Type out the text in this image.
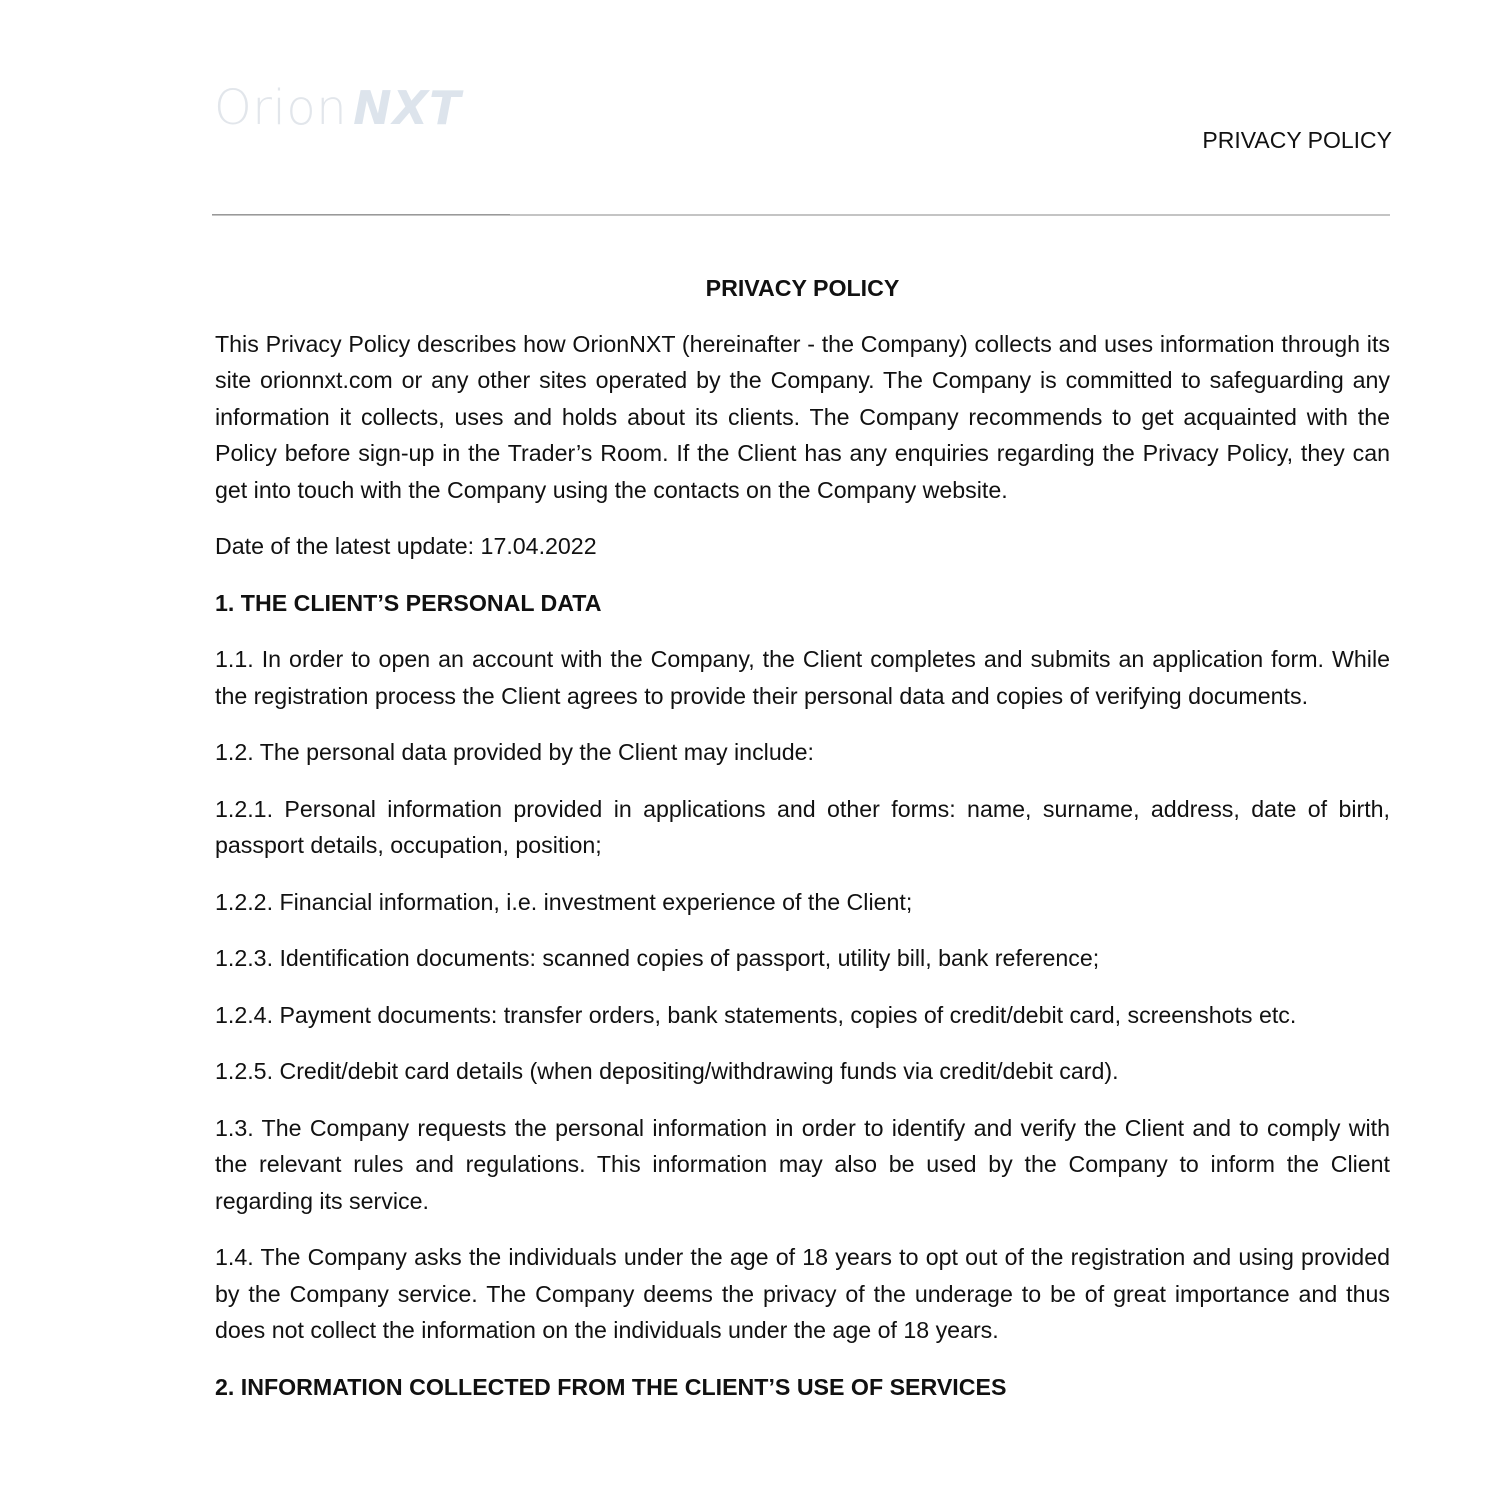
Orion NXT
PRIVACY POLICY

PRIVACY POLICY

This Privacy Policy describes how OrionNXT (hereinafter - the Company) collects and uses information through its site orionnxt.com or any other sites operated by the Company. The Company is committed to safeguarding any information it collects, uses and holds about its clients. The Company recommends to get acquainted with the Policy before sign-up in the Trader’s Room. If the Client has any enquiries regarding the Privacy Policy, they can get into touch with the Company using the contacts on the Company website.

Date of the latest update: 17.04.2022

1. THE CLIENT’S PERSONAL DATA

1.1. In order to open an account with the Company, the Client completes and submits an application form. While the registration process the Client agrees to provide their personal data and copies of verifying documents.

1.2. The personal data provided by the Client may include:

1.2.1. Personal information provided in applications and other forms: name, surname, address, date of birth, passport details, occupation, position;

1.2.2. Financial information, i.e. investment experience of the Client;

1.2.3. Identification documents: scanned copies of passport, utility bill, bank reference;

1.2.4. Payment documents: transfer orders, bank statements, copies of credit/debit card, screenshots etc.

1.2.5. Credit/debit card details (when depositing/withdrawing funds via credit/debit card).

1.3. The Company requests the personal information in order to identify and verify the Client and to comply with the relevant rules and regulations. This information may also be used by the Company to inform the Client regarding its service.

1.4. The Company asks the individuals under the age of 18 years to opt out of the registration and using provided by the Company service. The Company deems the privacy of the underage to be of great importance and thus does not collect the information on the individuals under the age of 18 years.

2. INFORMATION COLLECTED FROM THE CLIENT’S USE OF SERVICES
